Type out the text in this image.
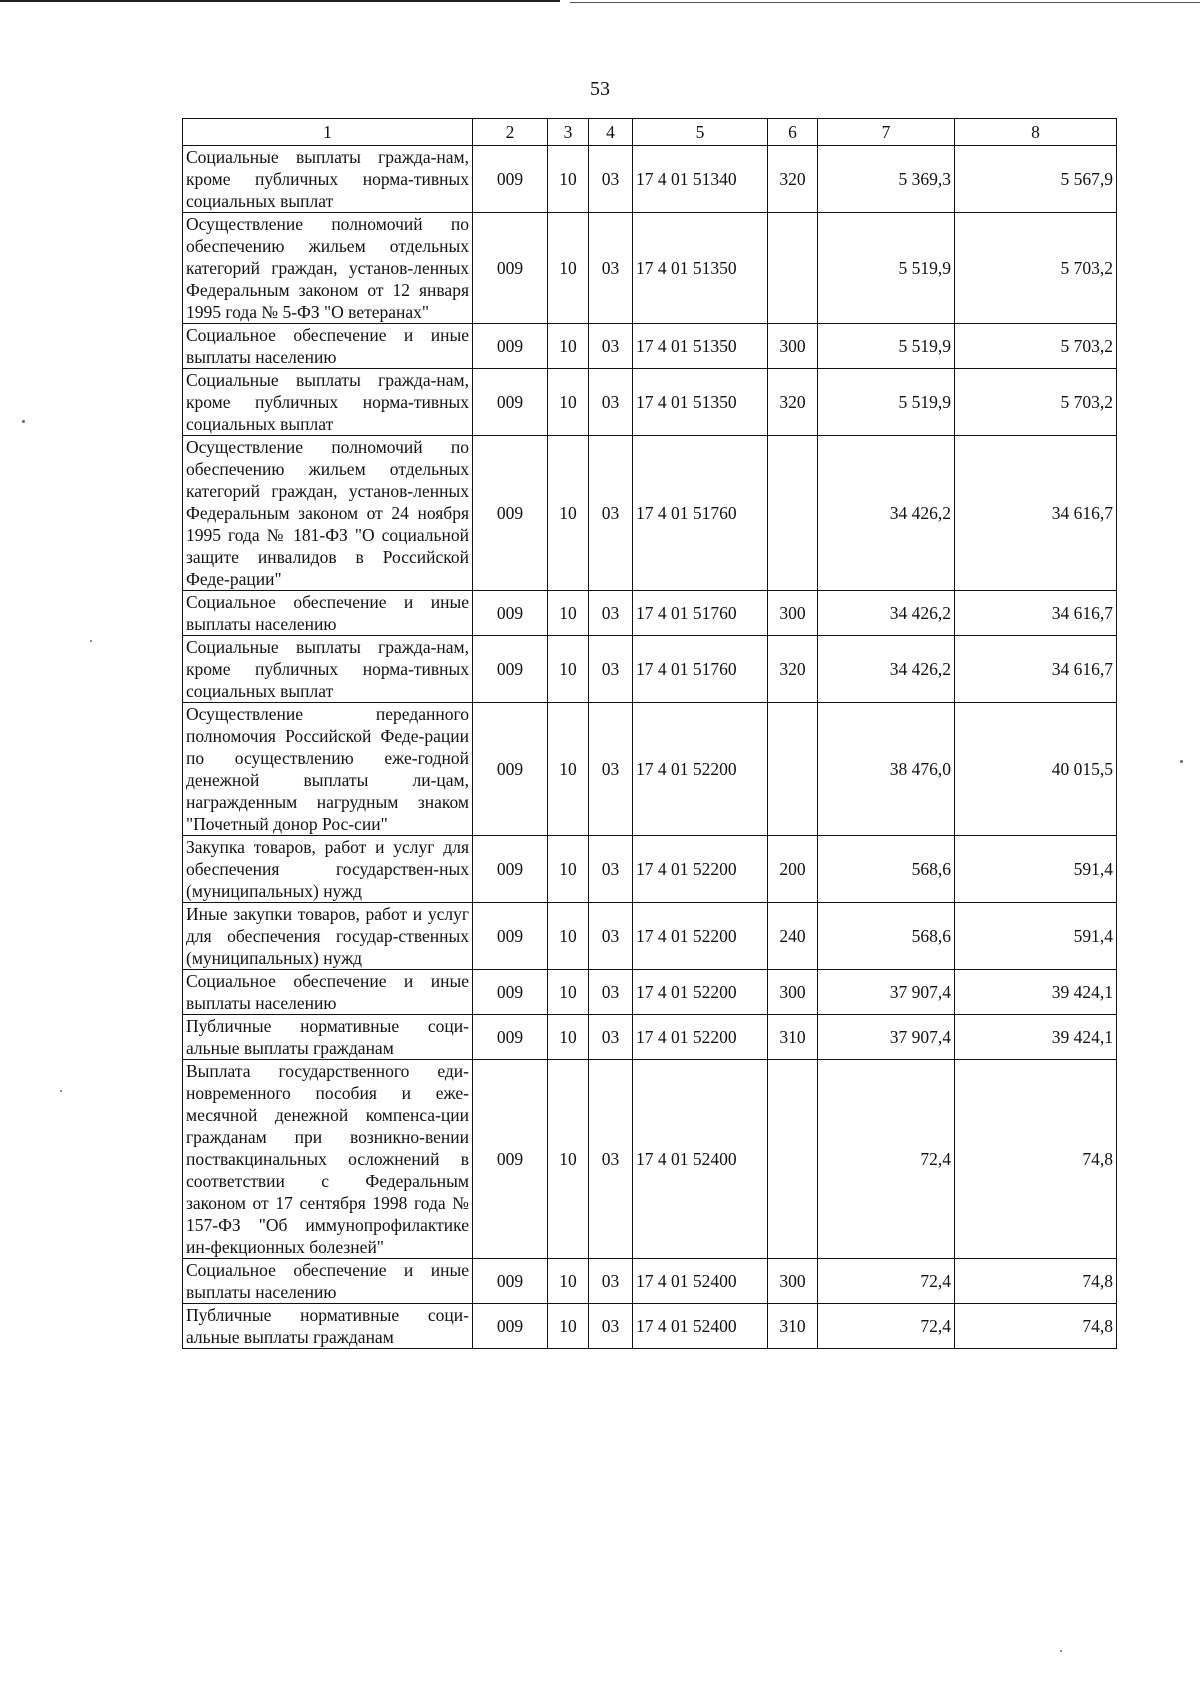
53
1	2	3	4	5	6	7	8
Социальные выплаты гражда-нам, кроме публичных норма-тивных социальных выплат	009	10	03	17 4 01 51340	320	5 369,3	5 567,9
Осуществление полномочий по обеспечению жильем отдельных категорий граждан, установ-ленных Федеральным законом от 12 января 1995 года № 5-ФЗ "О ветеранах"	009	10	03	17 4 01 51350		5 519,9	5 703,2
Социальное обеспечение и иные выплаты населению	009	10	03	17 4 01 51350	300	5 519,9	5 703,2
Социальные выплаты гражда-нам, кроме публичных норма-тивных социальных выплат	009	10	03	17 4 01 51350	320	5 519,9	5 703,2
Осуществление полномочий по обеспечению жильем отдельных категорий граждан, установ-ленных Федеральным законом от 24 ноября 1995 года № 181-ФЗ "О социальной защите инвалидов в Российской Феде-рации"	009	10	03	17 4 01 51760		34 426,2	34 616,7
Социальное обеспечение и иные выплаты населению	009	10	03	17 4 01 51760	300	34 426,2	34 616,7
Социальные выплаты гражда-нам, кроме публичных норма-тивных социальных выплат	009	10	03	17 4 01 51760	320	34 426,2	34 616,7
Осуществление переданного полномочия Российской Феде-рации по осуществлению еже-годной денежной выплаты ли-цам, награжденным нагрудным знаком "Почетный донор Рос-сии"	009	10	03	17 4 01 52200		38 476,0	40 015,5
Закупка товаров, работ и услуг для обеспечения государствен-ных (муниципальных) нужд	009	10	03	17 4 01 52200	200	568,6	591,4
Иные закупки товаров, работ и услуг для обеспечения государ-ственных (муниципальных) нужд	009	10	03	17 4 01 52200	240	568,6	591,4
Социальное обеспечение и иные выплаты населению	009	10	03	17 4 01 52200	300	37 907,4	39 424,1
Публичные нормативные соци-альные выплаты гражданам	009	10	03	17 4 01 52200	310	37 907,4	39 424,1
Выплата государственного еди-новременного пособия и еже-месячной денежной компенса-ции гражданам при возникно-вении поствакцинальных осложнений в соответствии с Федеральным законом от 17 сентября 1998 года № 157-ФЗ "Об иммунопрофилактике ин-фекционных болезней"	009	10	03	17 4 01 52400		72,4	74,8
Социальное обеспечение и иные выплаты населению	009	10	03	17 4 01 52400	300	72,4	74,8
Публичные нормативные соци-альные выплаты гражданам	009	10	03	17 4 01 52400	310	72,4	74,8
